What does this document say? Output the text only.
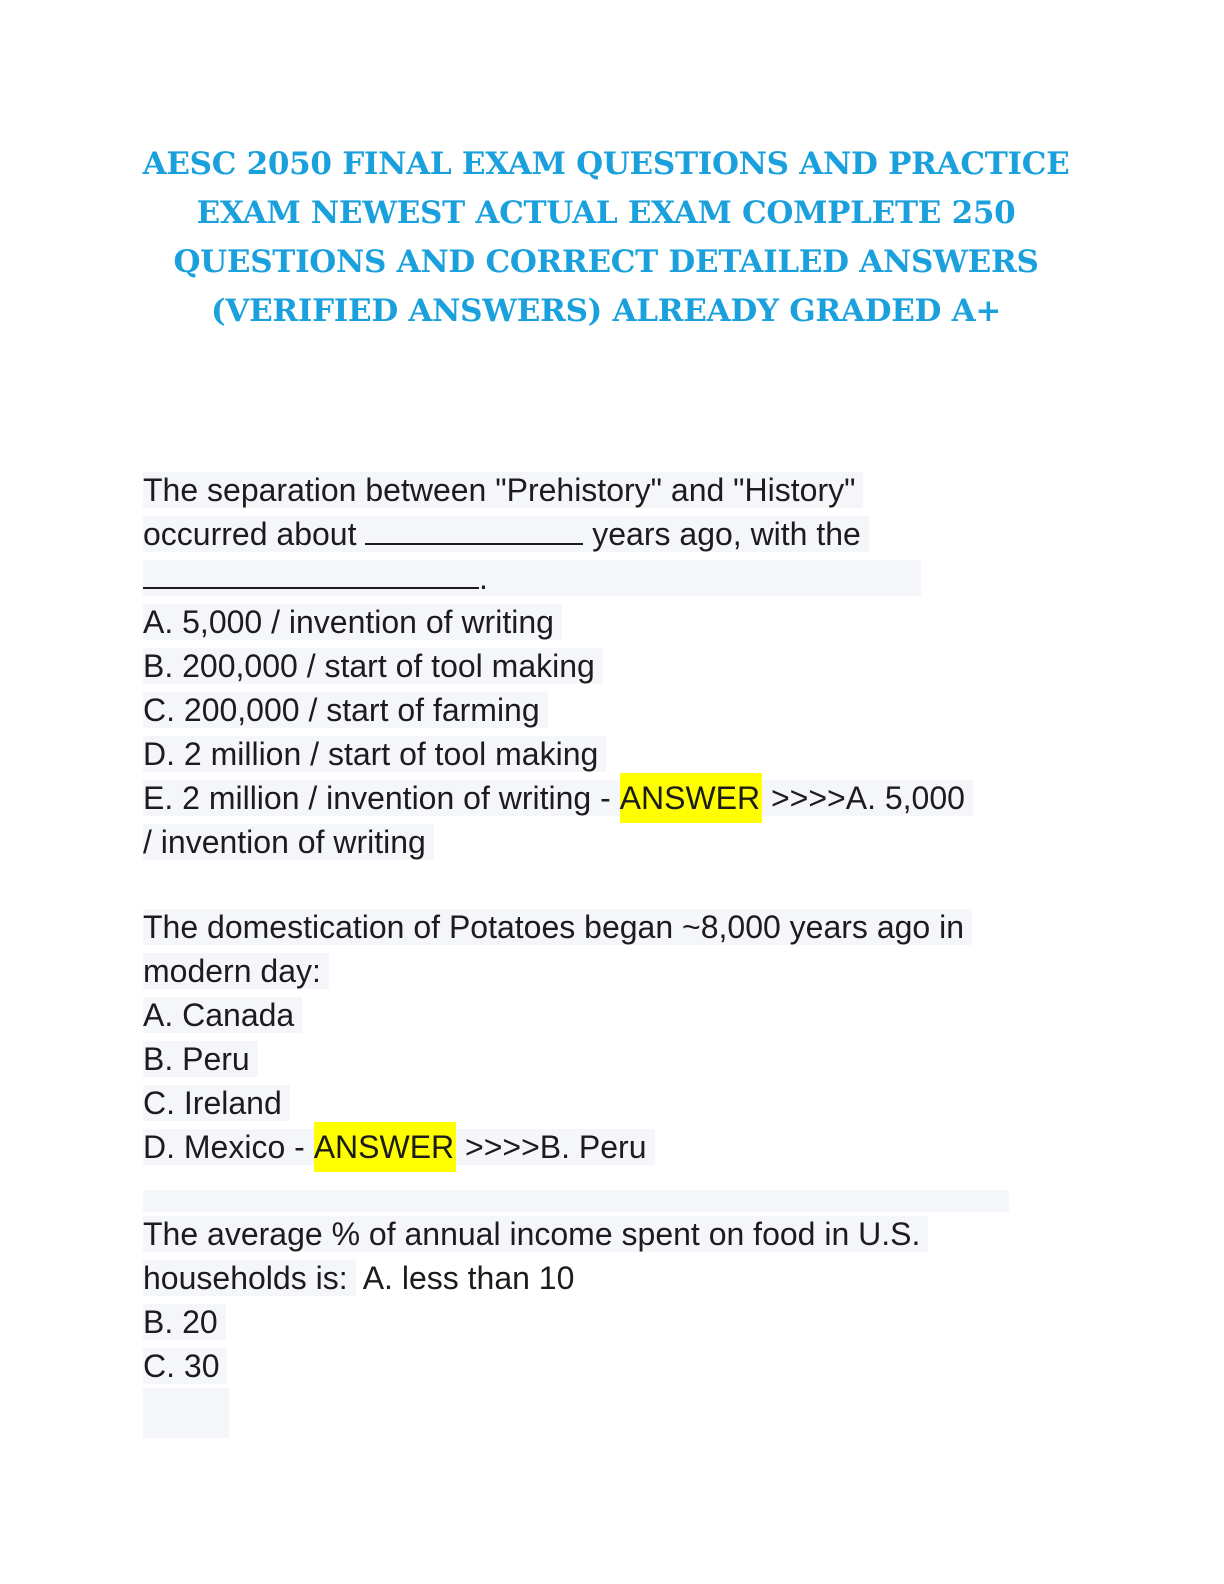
AESC 2050 FINAL EXAM QUESTIONS AND PRACTICE
EXAM NEWEST ACTUAL EXAM COMPLETE 250
QUESTIONS AND CORRECT DETAILED ANSWERS
(VERIFIED ANSWERS) ALREADY GRADED A+
The separation between "Prehistory" and "History"
occurred about	years ago, with the
.
A. 5,000 / invention of writing
B. 200,000 / start of tool making
C. 200,000 / start of farming
D. 2 million / start of tool making
E. 2 million / invention of writing - ANSWER >>>>A. 5,000
/ invention of writing
The domestication of Potatoes began ~8,000 years ago in
modern day:
A. Canada
B. Peru
C. Ireland
D. Mexico - ANSWER >>>>B. Peru
The average % of annual income spent on food in U.S.
households is: A. less than 10
B. 20
C. 30
